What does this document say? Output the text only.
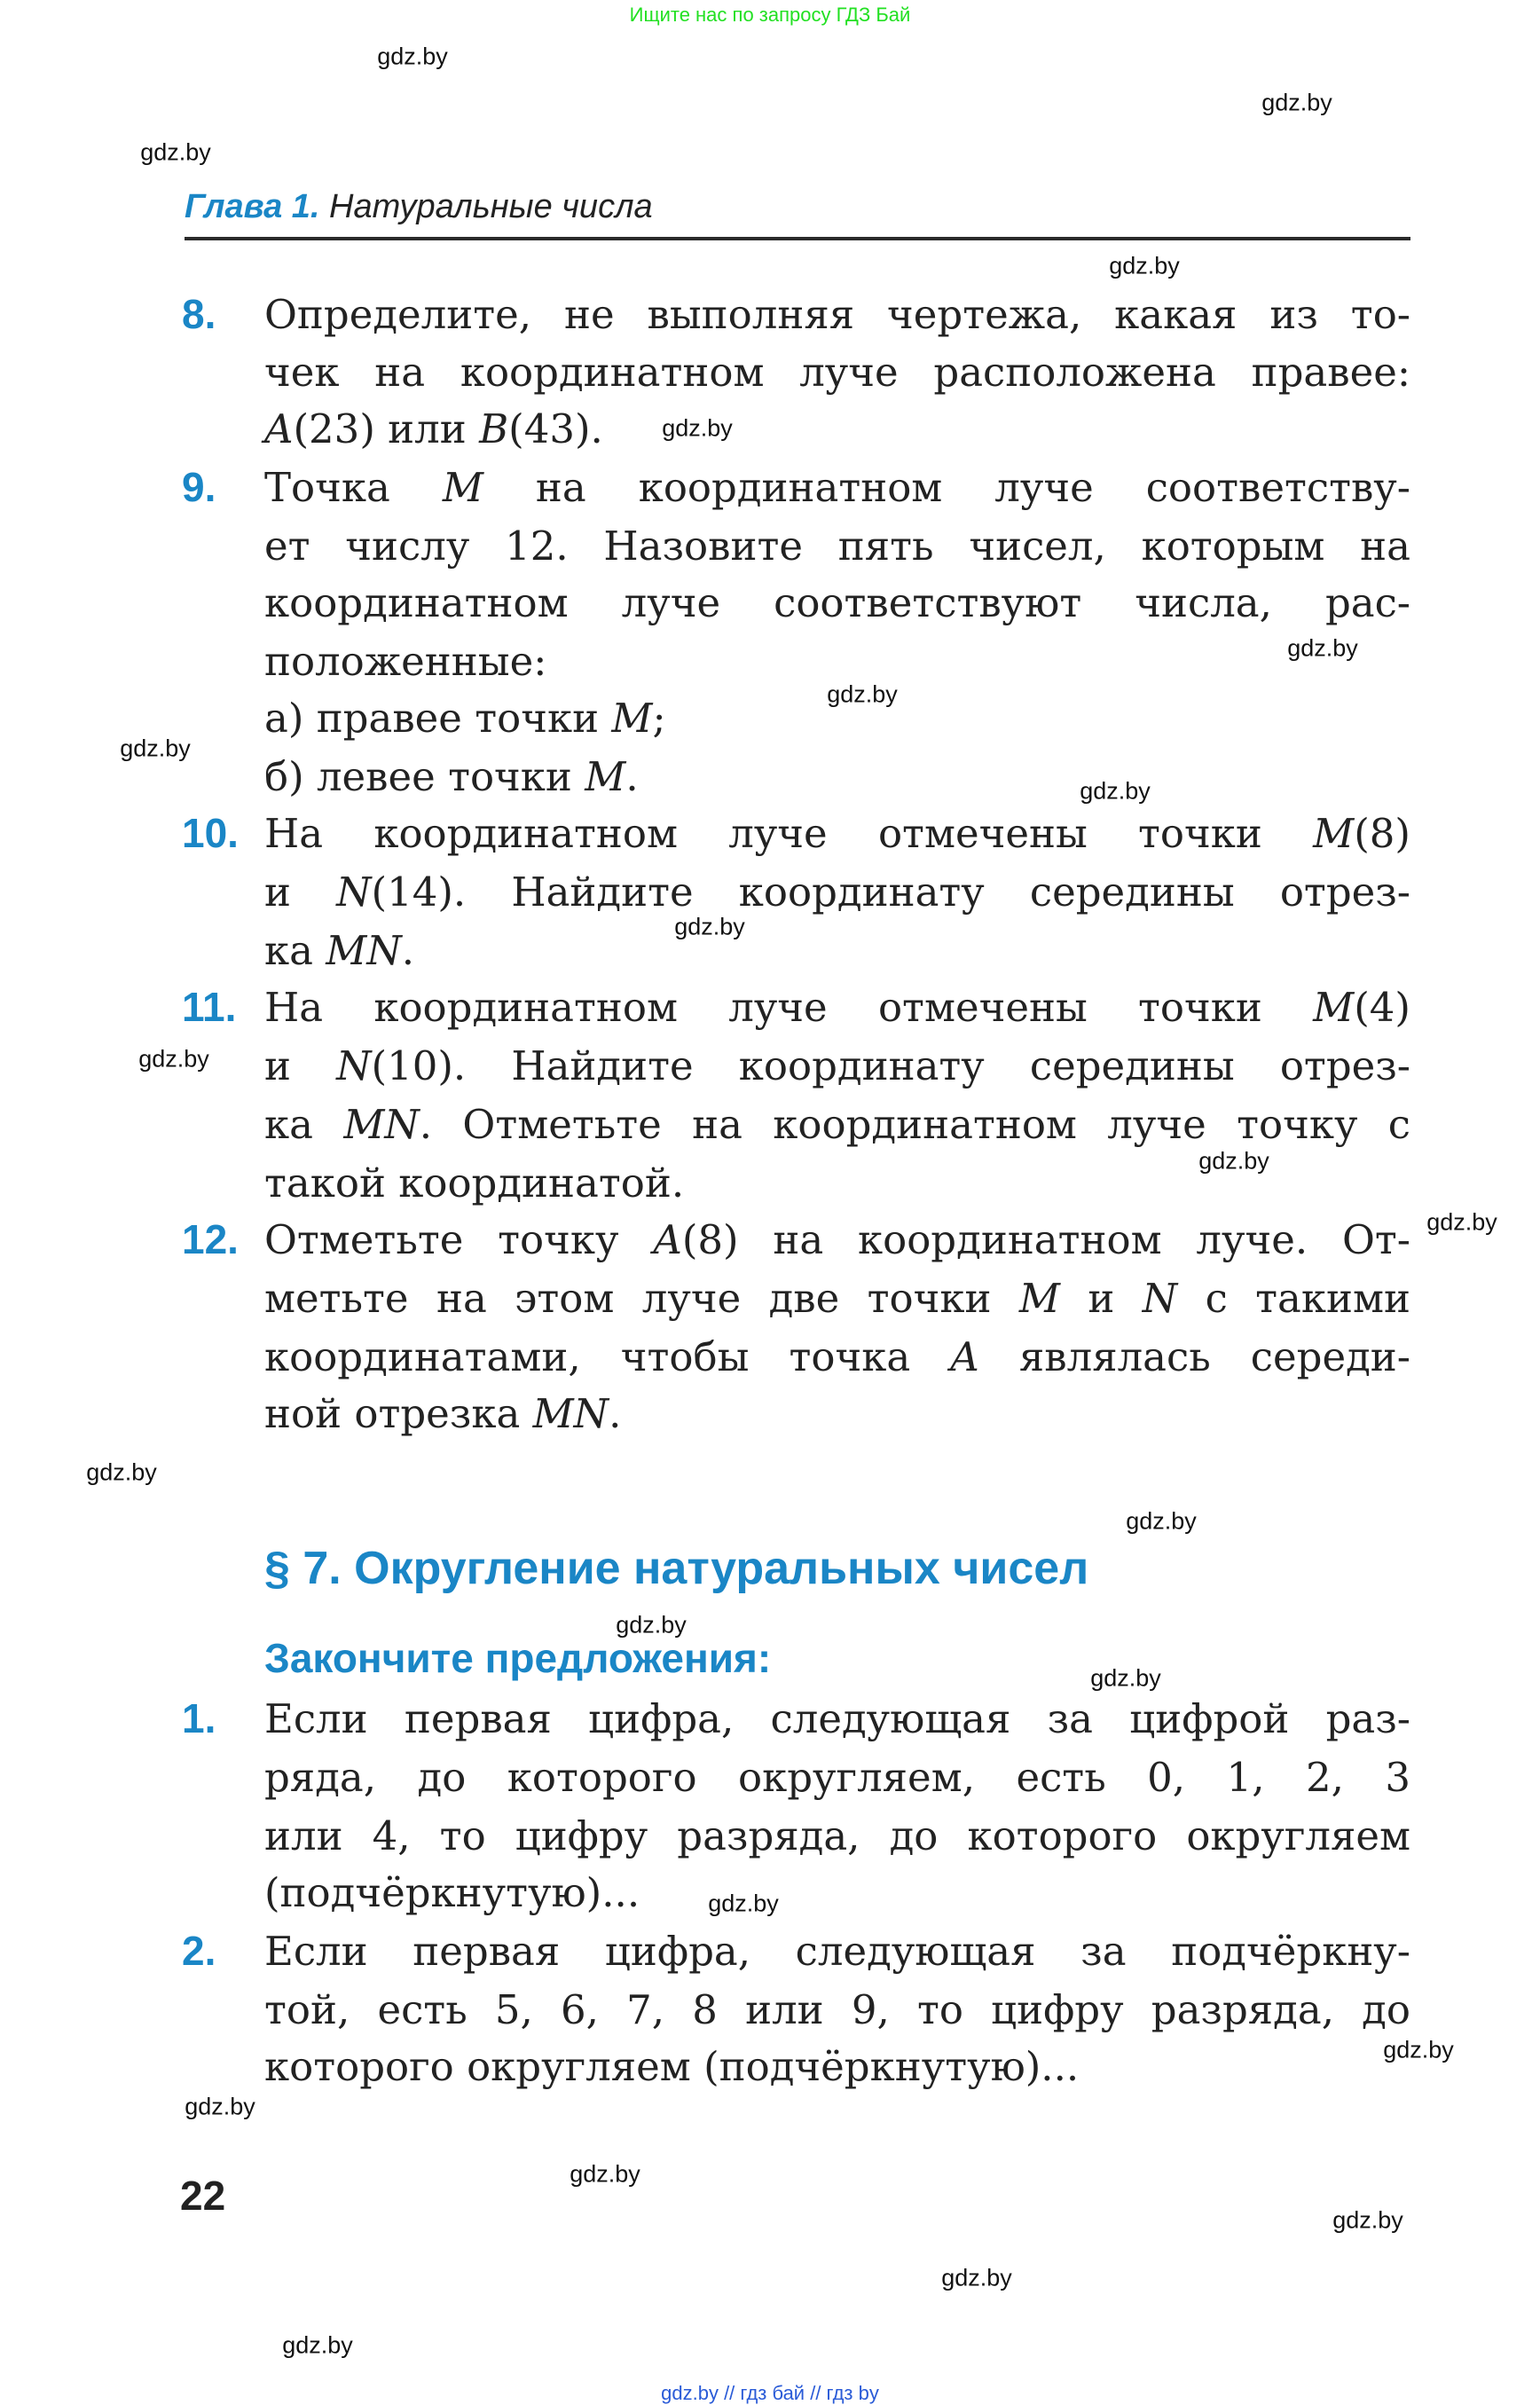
Ищите нас по запросу ГДЗ Бай
Глава 1. Натуральные числа
8. Определите, не выполняя чертежа, какая из то-
чек на координатном луче расположена правее:
A(23) или B(43).
9. Точка M на координатном луче соответству-
ет числу 12. Назовите пять чисел, которым на
координатном луче соответствуют числа, рас-
положенные:
а) правее точки M;
б) левее точки M.
10. На координатном луче отмечены точки M(8)
и N(14). Найдите координату середины отрез-
ка MN.
11. На координатном луче отмечены точки M(4)
и N(10). Найдите координату середины отрез-
ка MN. Отметьте на координатном луче точку с
такой координатой.
12. Отметьте точку A(8) на координатном луче. От-
метьте на этом луче две точки M и N с такими
координатами, чтобы точка A являлась середи-
ной отрезка MN.
§ 7. Округление натуральных чисел
Закончите предложения:
1. Если первая цифра, следующая за цифрой раз-
ряда, до которого округляем, есть 0, 1, 2, 3
или 4, то цифру разряда, до которого округляем
(подчёркнутую)...
2. Если первая цифра, следующая за подчёркну-
той, есть 5, 6, 7, 8 или 9, то цифру разряда, до
которого округляем (подчёркнутую)...
22
gdz.by
gdz.by
gdz.by
gdz.by
gdz.by
gdz.by
gdz.by
gdz.by
gdz.by
gdz.by
gdz.by
gdz.by
gdz.by
gdz.by
gdz.by
gdz.by
gdz.by
gdz.by
gdz.by
gdz.by
gdz.by
gdz.by
gdz.by
gdz.by
gdz.by // гдз бай // гдз by
